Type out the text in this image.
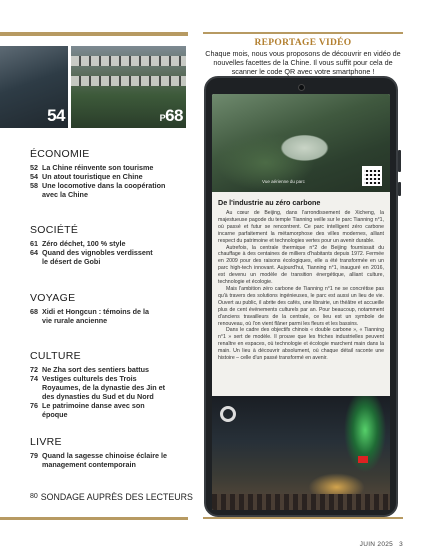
54	P68
ÉCONOMIE
52 La Chine réinvente son tourisme
54 Un atout touristique en Chine
58 Une locomotive dans la coopération avec la Chine
SOCIÉTÉ
61 Zéro déchet, 100 % style
64 Quand des vignobles verdissent le désert de Gobi
VOYAGE
68 Xidi et Hongcun : témoins de la vie rurale ancienne
CULTURE
72 Ne Zha sort des sentiers battus
74 Vestiges culturels des Trois Royaumes, de la dynastie des Jin et des dynasties du Sud et du Nord
76 Le patrimoine danse avec son époque
LIVRE
79 Quand la sagesse chinoise éclaire le management contemporain
80 SONDAGE AUPRÈS DES LECTEURS
REPORTAGE VIDÉO
Chaque mois, nous vous proposons de découvrir en vidéo de nouvelles facettes de la Chine. Il vous suffit pour cela de scanner le code QR avec votre smartphone !
Vue aérienne du parc
De l'industrie au zéro carbone

Au cœur de Beijing, dans l'arrondissement de Xicheng, la majestueuse pagode du temple Tianning veille sur le parc Tianning n°1, où passé et futur se rencontrent. Ce parc intelligent zéro carbone incarne parfaitement la métamorphose des villes modernes, alliant respect du patrimoine et technologies vertes pour un avenir durable.

Autrefois, la centrale thermique n°2 de Beijing fournissait du chauffage à des centaines de milliers d'habitants depuis 1972. Fermée en 2009 pour des raisons écologiques, elle a été transformée en un parc high-tech innovant. Aujourd'hui, Tianning n°1, inauguré en 2016, est devenu un modèle de transition énergétique, alliant culture, technologie et écologie.

Mais l'ambition zéro carbone de Tianning n°1 ne se concrétise pas qu'à travers des solutions ingénieuses, le parc est aussi un lieu de vie. Ouvert au public, il abrite des cafés, une librairie, un théâtre et accueille plus de cent événements culturels par an. Pour beaucoup, notamment d'anciens travailleurs de la centrale, ce lieu est un symbole de renouveau, où l'on vient flâner parmi les fleurs et les bassins.

Dans le cadre des objectifs chinois « double carbone », « Tianning n°1 » sert de modèle. Il prouve que les friches industrielles peuvent renaître en espaces, où technologie et écologie marchent main dans la main. Un lieu à découvrir absolument, où chaque détail raconte une histoire – celle d'un passé transformé en avenir.

JUIN 2025 3
